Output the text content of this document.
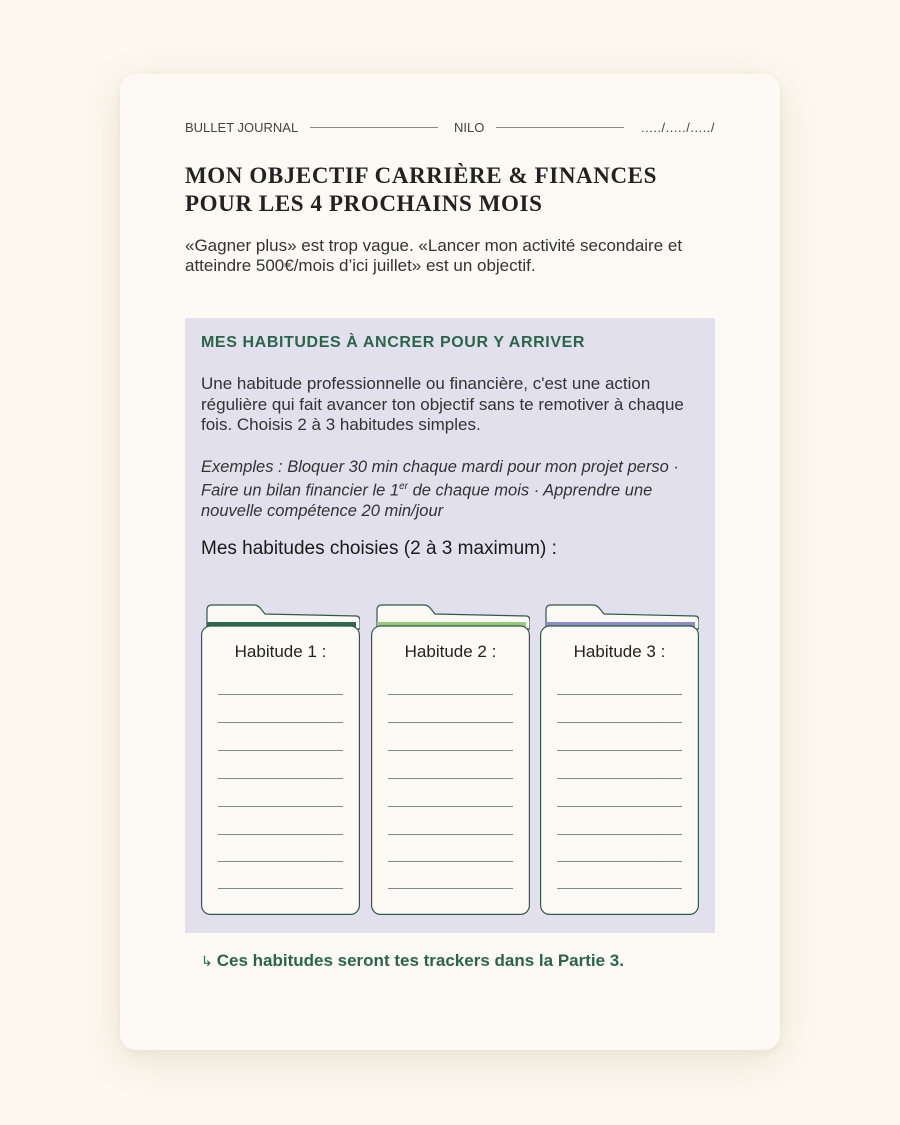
BULLET JOURNAL	NILO	...../...../...../
MON OBJECTIF CARRIÈRE & FINANCES POUR LES 4 PROCHAINS MOIS

«Gagner plus» est trop vague. «Lancer mon activité secondaire et atteindre 500€/mois d’ici juillet» est un objectif.

MES HABITUDES À ANCRER POUR Y ARRIVER

Une habitude professionnelle ou financière, c'est une action régulière qui fait avancer ton objectif sans te remotiver à chaque fois. Choisis 2 à 3 habitudes simples.

Exemples : Bloquer 30 min chaque mardi pour mon projet perso · Faire un bilan financier le 1er de chaque mois · Apprendre une nouvelle compétence 20 min/jour

Mes habitudes choisies (2 à 3 maximum) :

Habitude 1 :	Habitude 2 :	Habitude 3 :
↳ Ces habitudes seront tes trackers dans la Partie 3.
